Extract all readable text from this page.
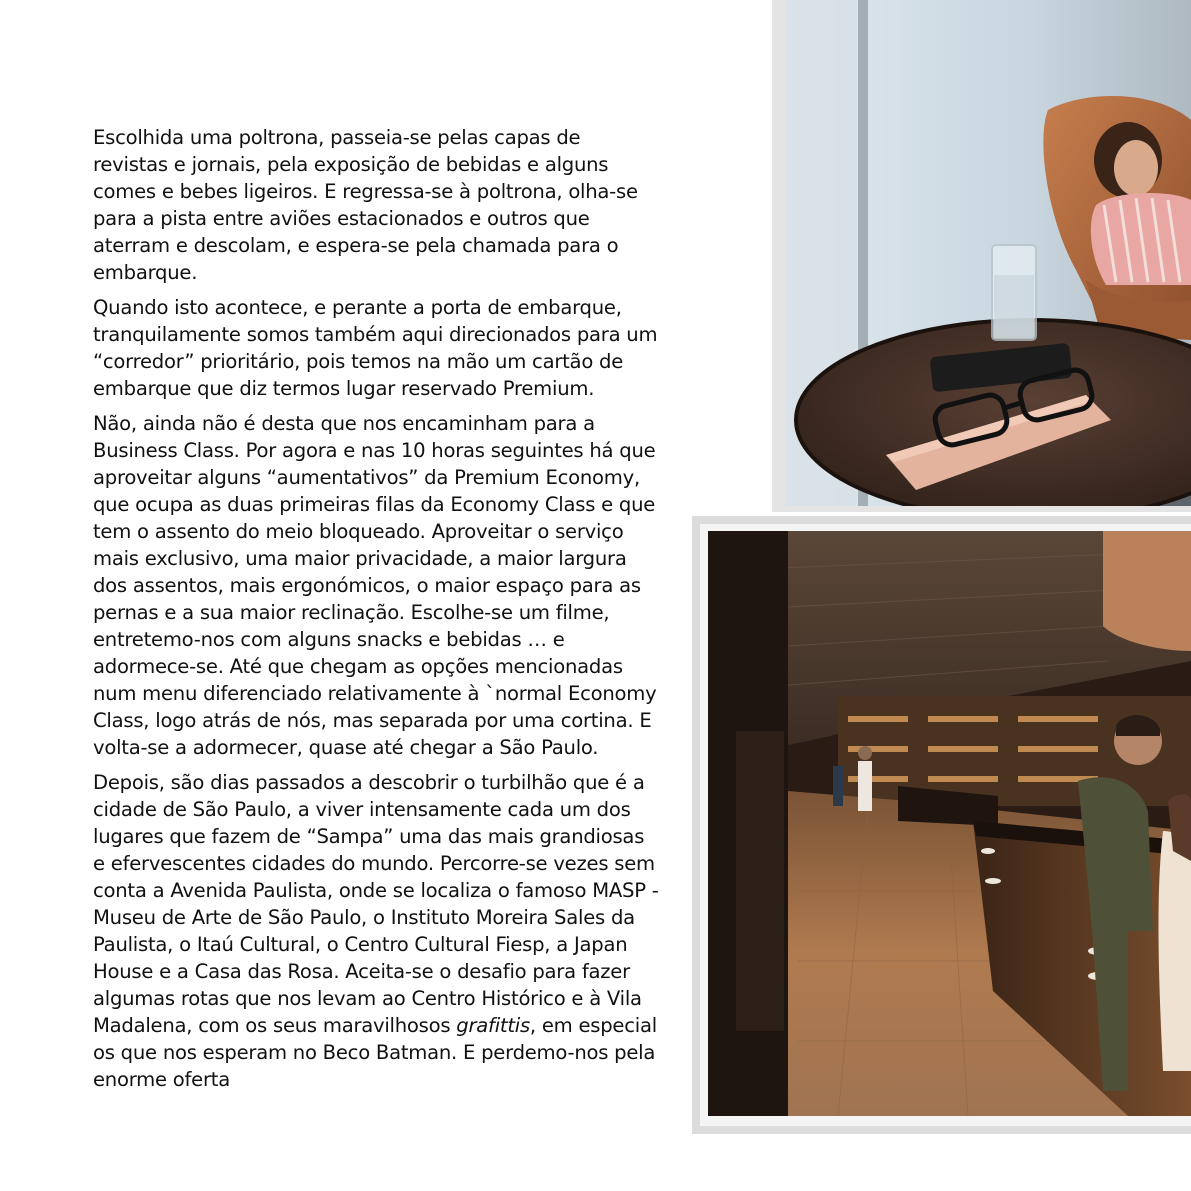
Escolhida uma poltrona, passeia-se pelas capas de revistas e jornais, pela exposição de bebidas e alguns comes e bebes ligeiros. E regressa-se à poltrona, olha-se para a pista entre aviões estacionados e outros que aterram e descolam, e espera-se pela chamada para o embarque.

Quando isto acontece, e perante a porta de embarque, tranquilamente somos também aqui direcionados para um “corredor” prioritário, pois temos na mão um cartão de embarque que diz termos lugar reservado Premium.

Não, ainda não é desta que nos encaminham para a Business Class. Por agora e nas 10 horas seguintes há que aproveitar alguns “aumentativos” da Premium Economy, que ocupa as duas primeiras filas da Economy Class e que tem o assento do meio bloqueado. Aproveitar o serviço mais exclusivo, uma maior privacidade, a maior largura dos assentos, mais ergonómicos, o maior espaço para as pernas e a sua maior reclinação. Escolhe-se um filme, entretemo-nos com alguns snacks e bebidas … e adormece-se. Até que chegam as opções mencionadas num menu diferenciado relativamente à `normal Economy Class, logo atrás de nós, mas separada por uma cortina. E volta-se a adormecer, quase até chegar a São Paulo.

Depois, são dias passados a descobrir o turbilhão que é a cidade de São Paulo, a viver intensamente cada um dos lugares que fazem de “Sampa” uma das mais grandiosas e efervescentes cidades do mundo. Percorre-se vezes sem conta a Avenida Paulista, onde se localiza o famoso MASP - Museu de Arte de São Paulo, o Instituto Moreira Sales da Paulista, o Itaú Cultural, o Centro Cultural Fiesp, a Japan House e a Casa das Rosa. Aceita-se o desafio para fazer algumas rotas que nos levam ao Centro Histórico e à Vila Madalena, com os seus maravilhosos grafittis, em especial os que nos esperam no Beco Batman. E perdemo-nos pela enorme oferta
